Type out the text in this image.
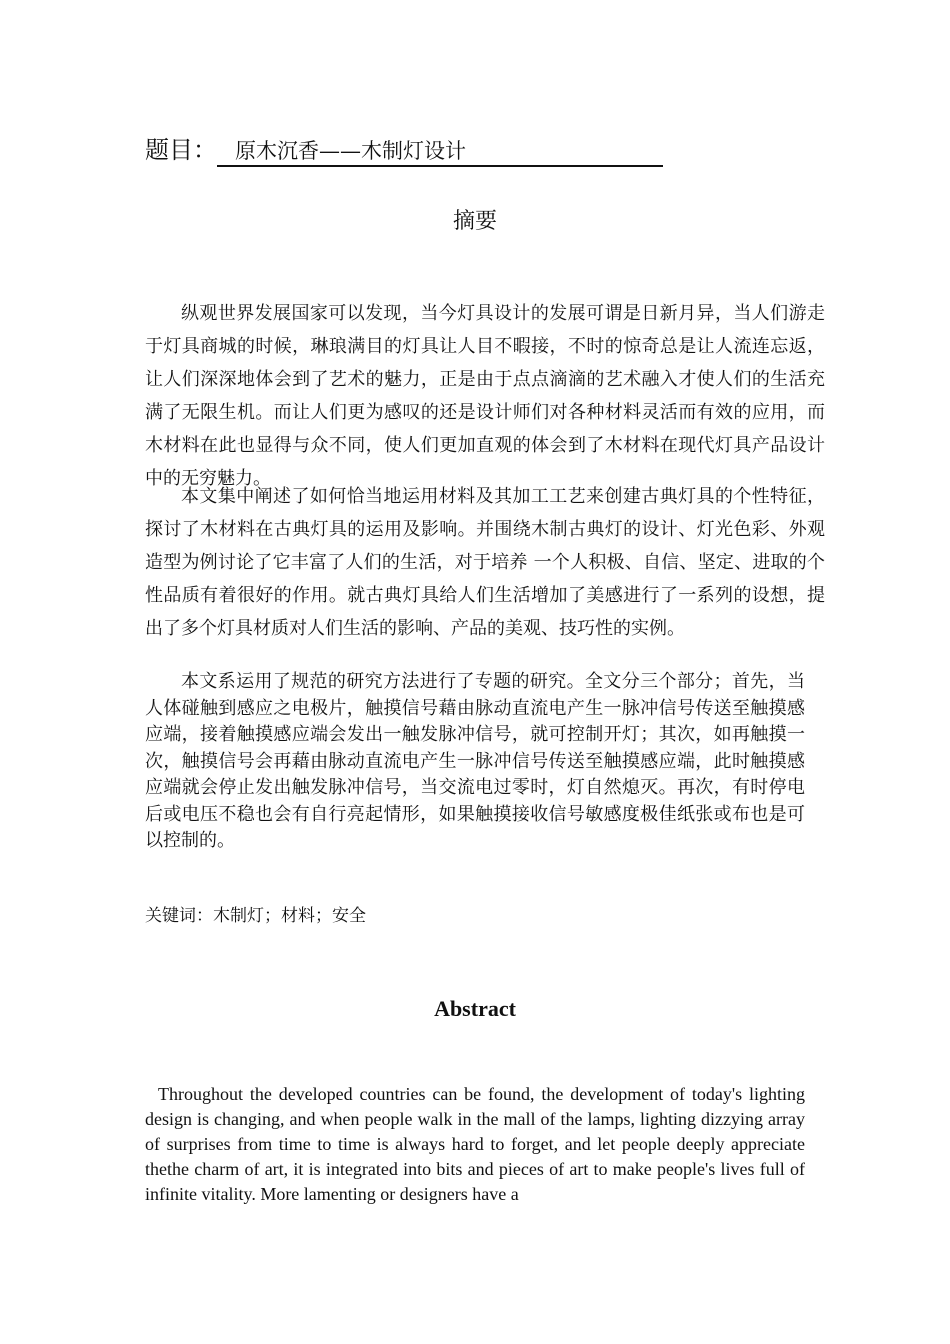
题目： 原木沉香——木制灯设计
摘要

纵观世界发展国家可以发现，当今灯具设计的发展可谓是日新月异，当人们游走于灯具商城的时候，琳琅满目的灯具让人目不暇接，不时的惊奇总是让人流连忘返，让人们深深地体会到了艺术的魅力，正是由于点点滴滴的艺术融入才使人们的生活充满了无限生机。而让人们更为感叹的还是设计师们对各种材料灵活而有效的应用，而木材料在此也显得与众不同，使人们更加直观的体会到了木材料在现代灯具产品设计中的无穷魅力。

本文集中阐述了如何恰当地运用材料及其加工工艺来创建古典灯具的个性特征，探讨了木材料在古典灯具的运用及影响。并围绕木制古典灯的设计、灯光色彩、外观造型为例讨论了它丰富了人们的生活，对于培养 一个人积极、自信、坚定、进取的个性品质有着很好的作用。就古典灯具给人们生活增加了美感进行了一系列的设想，提出了多个灯具材质对人们生活的影响、产品的美观、技巧性的实例。

本文系运用了规范的研究方法进行了专题的研究。全文分三个部分；首先，当人体碰触到感应之电极片，触摸信号藉由脉动直流电产生一脉冲信号传送至触摸感应端，接着触摸感应端会发出一触发脉冲信号，就可控制开灯；其次，如再触摸一次，触摸信号会再藉由脉动直流电产生一脉冲信号传送至触摸感应端，此时触摸感应端就会停止发出触发脉冲信号，当交流电过零时，灯自然熄灭。再次，有时停电后或电压不稳也会有自行亮起情形，如果触摸接收信号敏感度极佳纸张或布也是可以控制的。

关键词：木制灯；材料；安全
Abstract

Throughout the developed countries can be found, the development of today's lighting design is changing, and when people walk in the mall of the lamps, lighting dizzying array of surprises from time to time is always hard to forget, and let people deeply appreciate thethe charm of art, it is integrated into bits and pieces of art to make people's lives full of infinite vitality. More lamenting or designers have a
